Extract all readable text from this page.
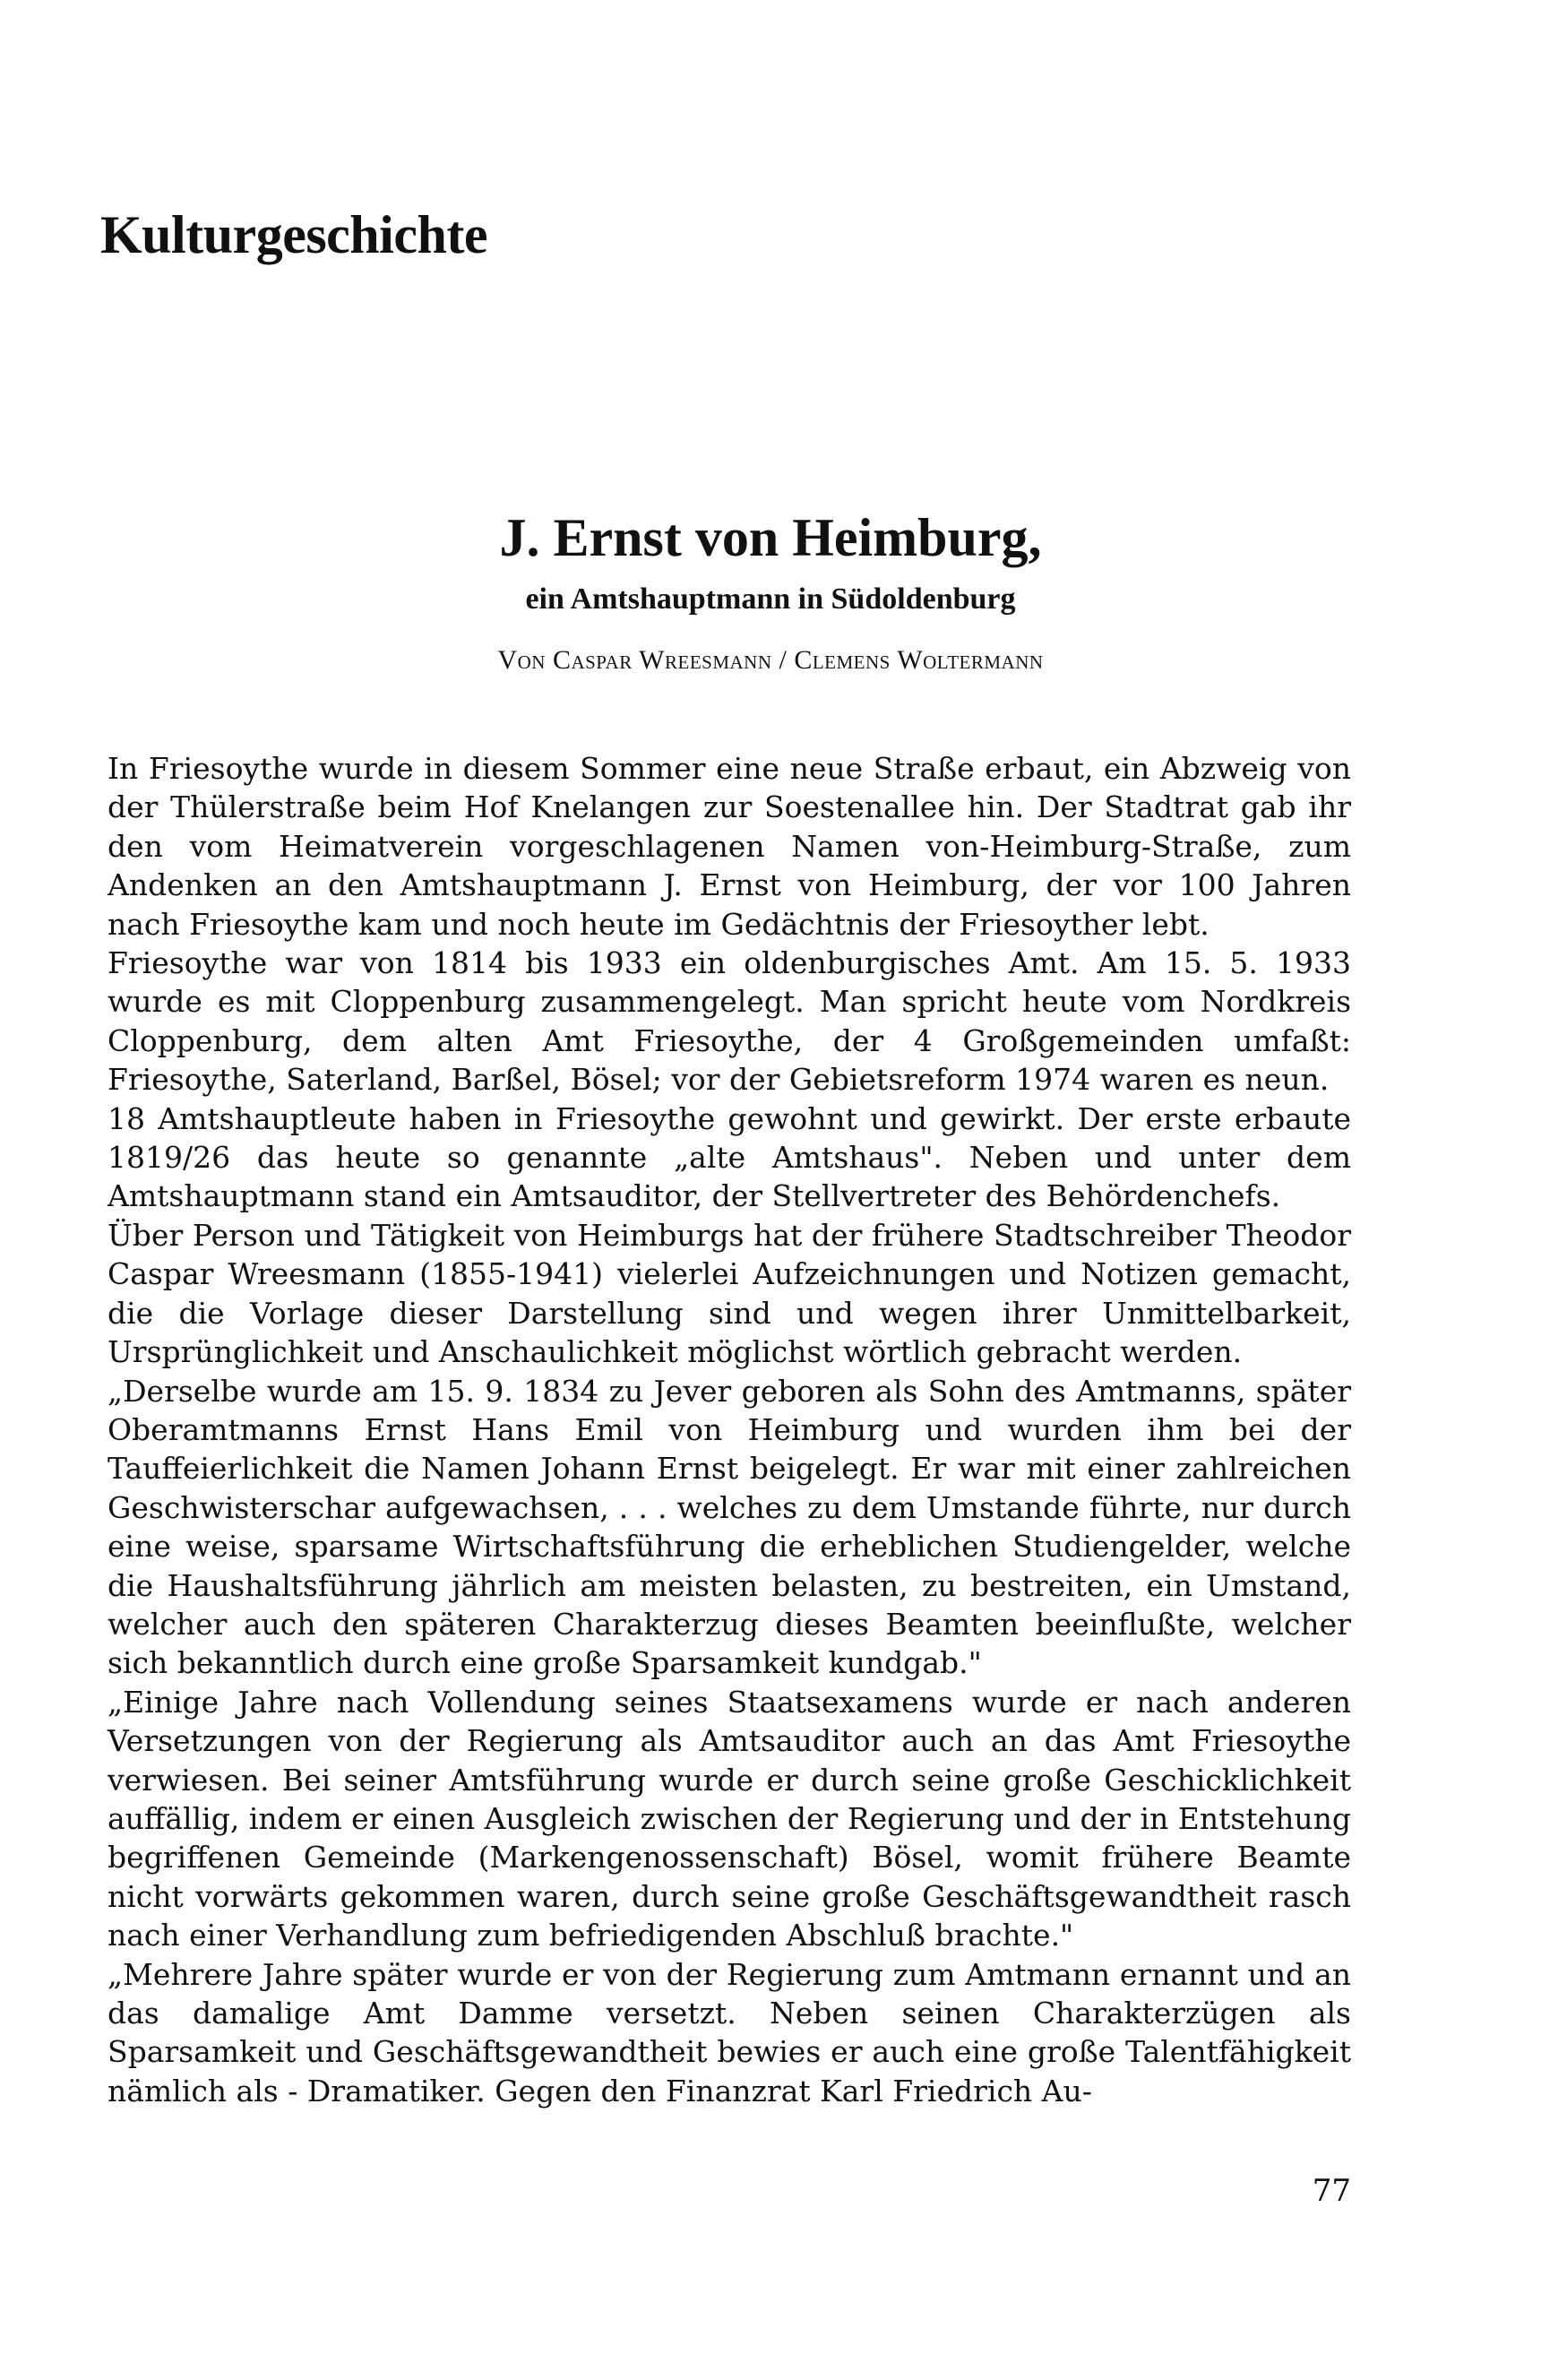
Kulturgeschichte
J. Ernst von Heimburg,
ein Amtshauptmann in Südoldenburg
Von Caspar Wreesmann / Clemens Woltermann

In Friesoythe wurde in diesem Sommer eine neue Straße erbaut, ein Abzweig von der Thülerstraße beim Hof Knelangen zur Soestenallee hin. Der Stadtrat gab ihr den vom Heimatverein vorgeschlagenen Namen von-Heimburg-Straße, zum Andenken an den Amtshauptmann J. Ernst von Heimburg, der vor 100 Jahren nach Friesoythe kam und noch heute im Gedächtnis der Friesoyther lebt.

Friesoythe war von 1814 bis 1933 ein oldenburgisches Amt. Am 15. 5. 1933 wurde es mit Cloppenburg zusammengelegt. Man spricht heute vom Nordkreis Cloppenburg, dem alten Amt Friesoythe, der 4 Großgemeinden umfaßt: Friesoythe, Saterland, Barßel, Bösel; vor der Gebietsreform 1974 waren es neun.

18 Amtshauptleute haben in Friesoythe gewohnt und gewirkt. Der erste erbaute 1819/26 das heute so genannte „alte Amtshaus". Neben und unter dem Amtshauptmann stand ein Amtsauditor, der Stellvertreter des Behördenchefs.

Über Person und Tätigkeit von Heimburgs hat der frühere Stadtschreiber Theodor Caspar Wreesmann (1855-1941) vielerlei Aufzeichnungen und Notizen gemacht, die die Vorlage dieser Darstellung sind und wegen ihrer Unmittelbarkeit, Ursprünglichkeit und Anschaulichkeit möglichst wörtlich gebracht werden.

„Derselbe wurde am 15. 9. 1834 zu Jever geboren als Sohn des Amtmanns, später Oberamtmanns Ernst Hans Emil von Heimburg und wurden ihm bei der Tauffeierlichkeit die Namen Johann Ernst beigelegt. Er war mit einer zahlreichen Geschwisterschar aufgewachsen, . . . welches zu dem Umstande führte, nur durch eine weise, sparsame Wirtschaftsführung die erheblichen Studiengelder, welche die Haushaltsführung jährlich am meisten belasten, zu bestreiten, ein Umstand, welcher auch den späteren Charakterzug dieses Beamten beeinflußte, welcher sich bekanntlich durch eine große Sparsamkeit kundgab."

„Einige Jahre nach Vollendung seines Staatsexamens wurde er nach anderen Versetzungen von der Regierung als Amtsauditor auch an das Amt Friesoythe verwiesen. Bei seiner Amtsführung wurde er durch seine große Geschicklichkeit auffällig, indem er einen Ausgleich zwischen der Regierung und der in Entstehung begriffenen Gemeinde (Markengenossenschaft) Bösel, womit frühere Beamte nicht vorwärts gekommen waren, durch seine große Geschäftsgewandtheit rasch nach einer Verhandlung zum befriedigenden Abschluß brachte."

„Mehrere Jahre später wurde er von der Regierung zum Amtmann ernannt und an das damalige Amt Damme versetzt. Neben seinen Charakterzügen als Sparsamkeit und Geschäftsgewandtheit bewies er auch eine große Talentfähigkeit nämlich als - Dramatiker. Gegen den Finanzrat Karl Friedrich Au-

77
